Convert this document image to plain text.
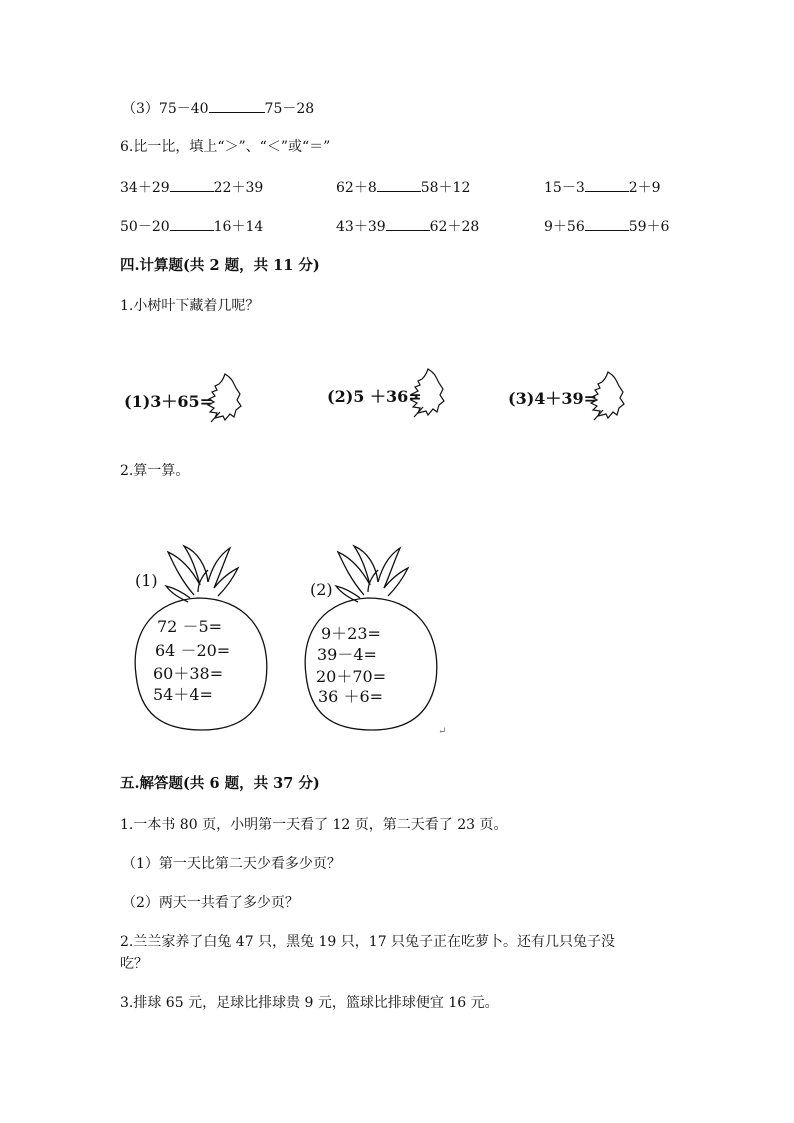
（3）75－40	75－28
6.比一比，填上“＞”、“＜”或“＝”
34＋29	22＋39	62＋8	58＋12	15－3	2＋9
50－20	16＋14	43＋39	62＋28	9＋56	59＋6
四.计算题(共 2 题，共 11 分)
1.小树叶下藏着几呢？
(1)3＋65=	(2)5 ＋36=	(3)4＋39=
2.算一算。
(1)
72 －5=
64 －20=
60＋38=
54＋4=
(2)
9＋23=
39－4=
20＋70=
36 ＋6=
↵
五.解答题(共 6 题，共 37 分)
1.一本书 80 页，小明第一天看了 12 页，第二天看了 23 页。
（1）第一天比第二天少看多少页？
（2）两天一共看了多少页？
2.兰兰家养了白兔 47 只，黑兔 19 只，17 只兔子正在吃萝卜。还有几只兔子没
吃？
3.排球 65 元，足球比排球贵 9 元，篮球比排球便宜 16 元。
